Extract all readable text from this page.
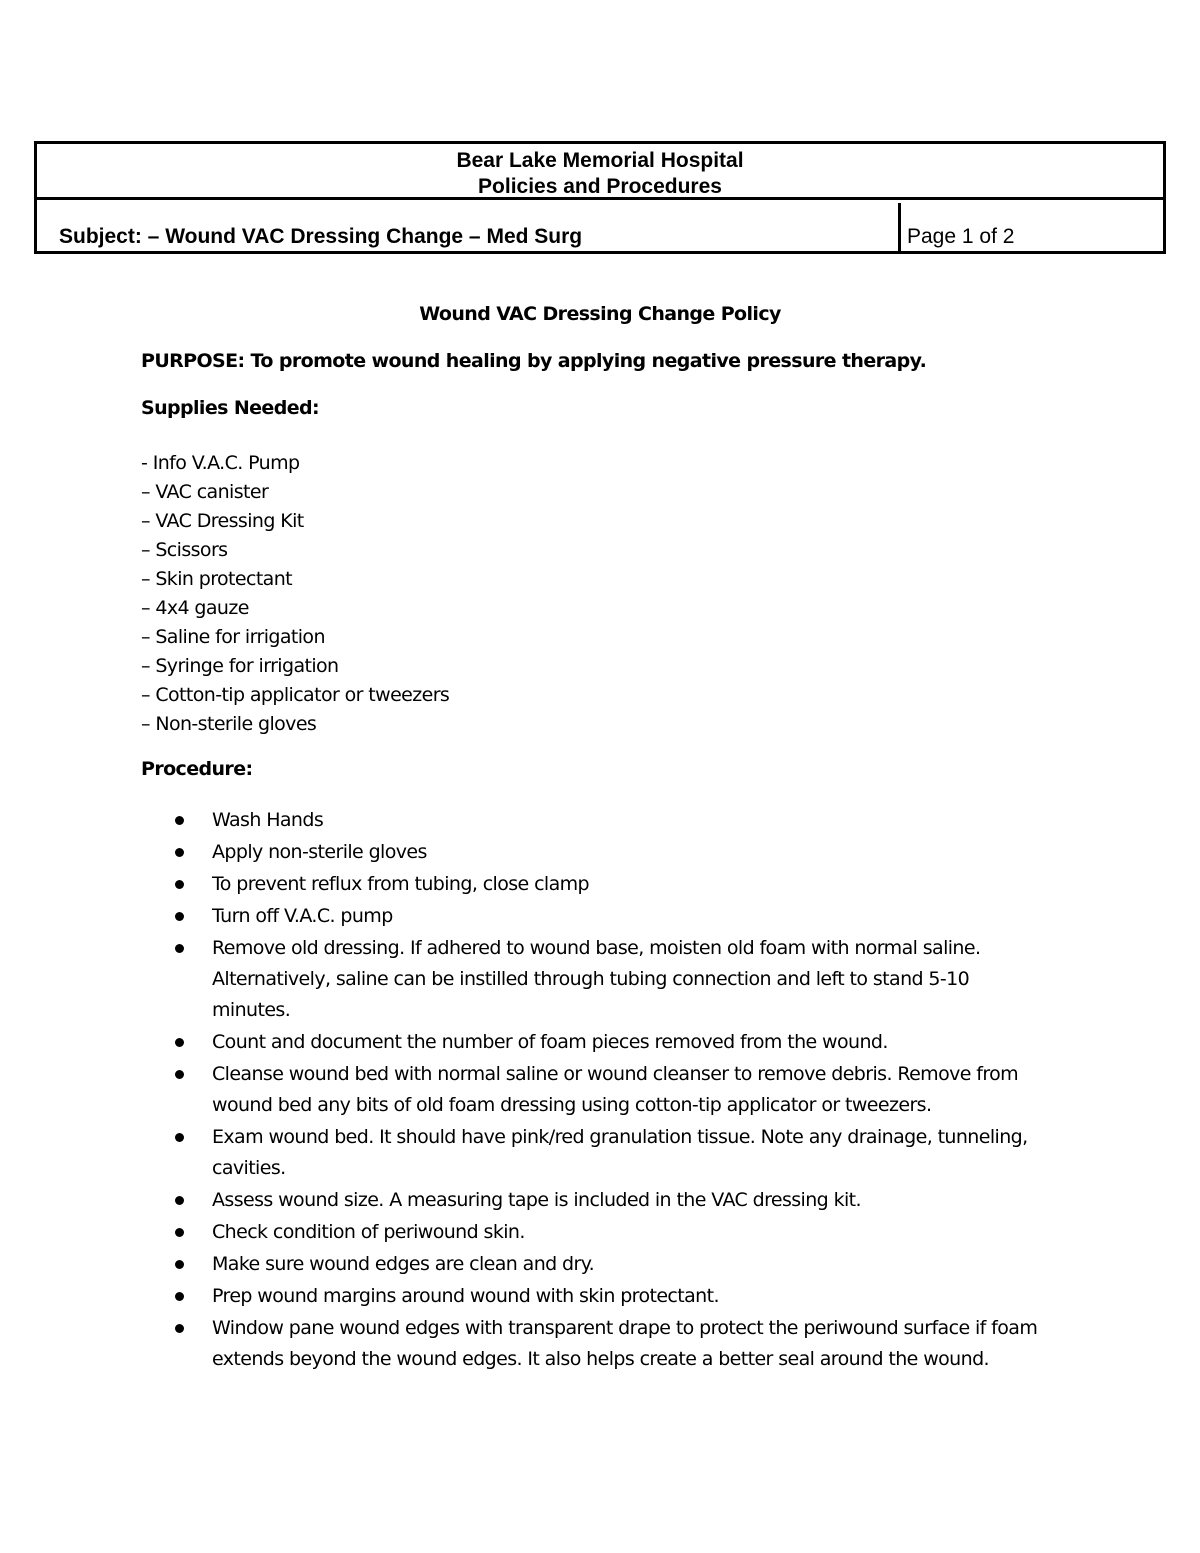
Bear Lake Memorial Hospital
Policies and Procedures
Subject: – Wound VAC Dressing Change – Med Surg	Page 1 of 2
Wound VAC Dressing Change Policy
PURPOSE: To promote wound healing by applying negative pressure therapy.
Supplies Needed:
- Info V.A.C. Pump
– VAC canister
– VAC Dressing Kit
– Scissors
– Skin protectant
– 4x4 gauze
– Saline for irrigation
– Syringe for irrigation
– Cotton-tip applicator or tweezers
– Non-sterile gloves
Procedure:
Wash Hands
Apply non-sterile gloves
To prevent reflux from tubing, close clamp
Turn off V.A.C. pump
Remove old dressing. If adhered to wound base, moisten old foam with normal saline. Alternatively, saline can be instilled through tubing connection and left to stand 5-10 minutes.
Count and document the number of foam pieces removed from the wound.
Cleanse wound bed with normal saline or wound cleanser to remove debris. Remove from wound bed any bits of old foam dressing using cotton-tip applicator or tweezers.
Exam wound bed. It should have pink/red granulation tissue. Note any drainage, tunneling, cavities.
Assess wound size. A measuring tape is included in the VAC dressing kit.
Check condition of periwound skin.
Make sure wound edges are clean and dry.
Prep wound margins around wound with skin protectant.
Window pane wound edges with transparent drape to protect the periwound surface if foam extends beyond the wound edges. It also helps create a better seal around the wound.
